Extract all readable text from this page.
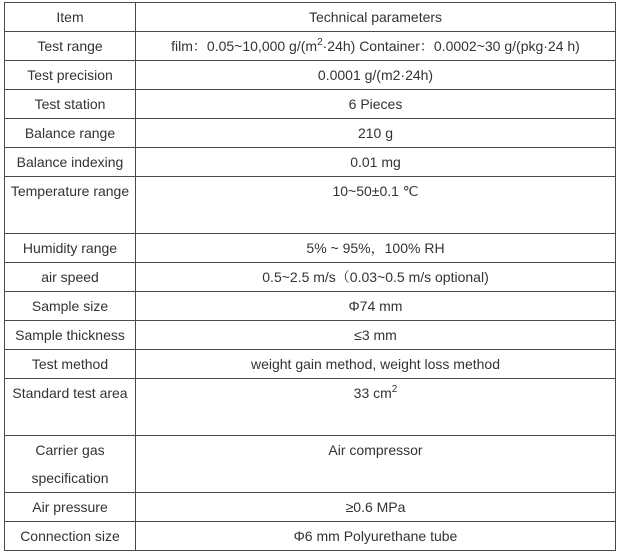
Item	Technical parameters
Test range	film：0.05~10,000 $g/(m^2\cdot 24h)$ Container：0.0002~30 g/(pkg·24 h)
Test precision	0.0001 g/(m2·24h)
Test station	6 Pieces
Balance range	210 g
Balance indexing	0.01 mg
Temperature range	10~50±0.1 ℃
Humidity range	5% ~ 95%，100% RH
air speed	0.5~2.5 m/s（0.03~0.5 m/s optional)
Sample size	Φ74 mm
Sample thickness	≤3 mm
Test method	weight gain method, weight loss method
Standard test area	33 $cm^2$
Carrier gas specification	Air compressor
Air pressure	≥0.6 MPa
Connection size	Φ6 mm Polyurethane tube
